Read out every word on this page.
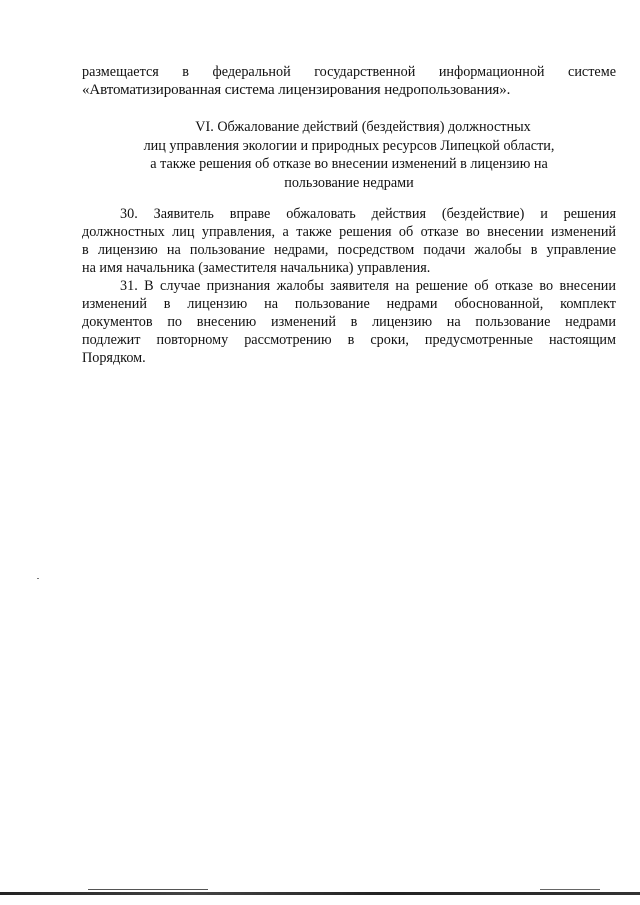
размещается в федеральной государственной информационной системе
«Автоматизированная система лицензирования недропользования».
VI. Обжалование действий (бездействия) должностных
лиц управления экологии и природных ресурсов Липецкой области,
а также решения об отказе во внесении изменений в лицензию на
пользование недрами
30. Заявитель вправе обжаловать действия (бездействие) и решения
должностных лиц управления, а также решения об отказе во внесении изменений
в лицензию на пользование недрами, посредством подачи жалобы в управление
на имя начальника (заместителя начальника) управления.
31. В случае признания жалобы заявителя на решение об отказе во внесении
изменений в лицензию на пользование недрами обоснованной, комплект
документов по внесению изменений в лицензию на пользование недрами
подлежит повторному рассмотрению в сроки, предусмотренные настоящим
Порядком.
